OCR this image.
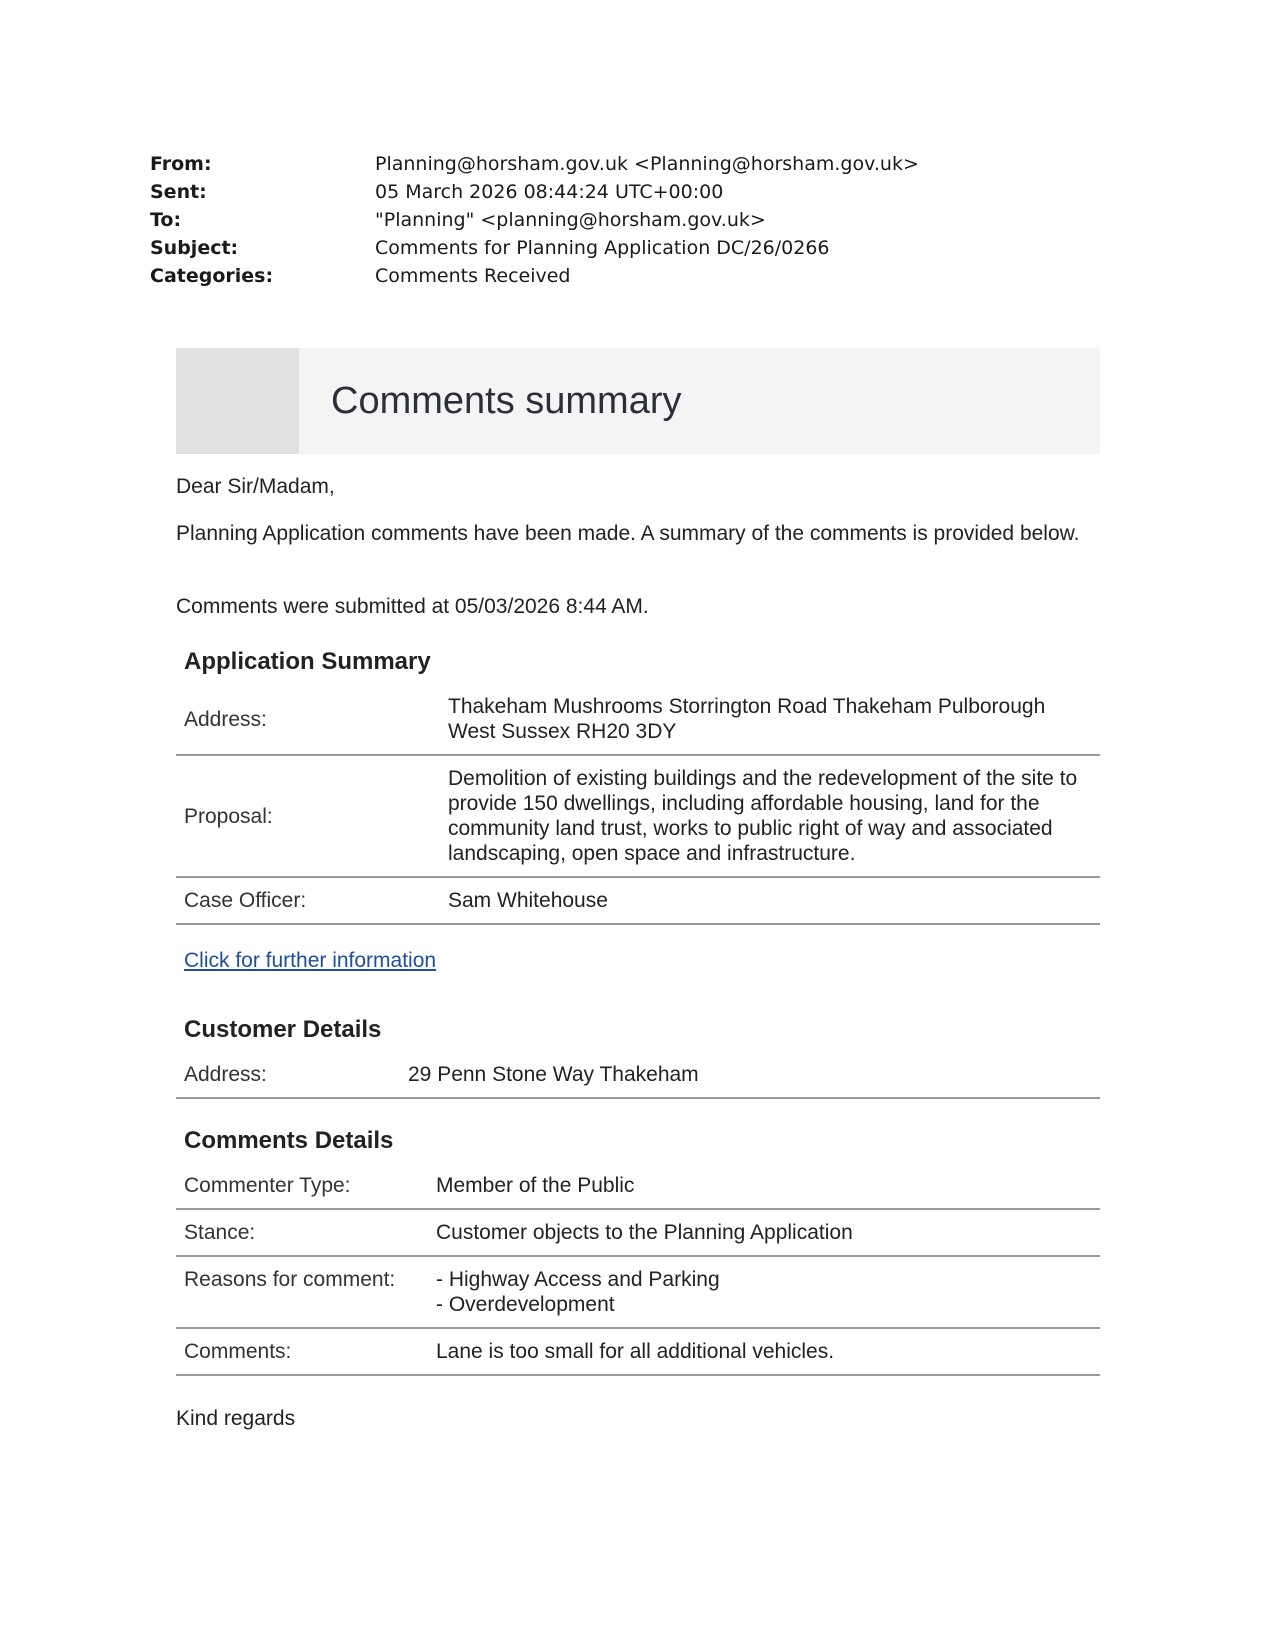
From:	Planning@horsham.gov.uk <Planning@horsham.gov.uk>
Sent:	05 March 2026 08:44:24 UTC+00:00
To:	"Planning" <planning@horsham.gov.uk>
Subject:	Comments for Planning Application DC/26/0266
Categories:	Comments Received
Comments summary
Dear Sir/Madam,
Planning Application comments have been made. A summary of the comments is provided below.
Comments were submitted at 05/03/2026 8:44 AM.
Application Summary
Address:	Thakeham Mushrooms Storrington Road Thakeham Pulborough West Sussex RH20 3DY
Proposal:	Demolition of existing buildings and the redevelopment of the site to provide 150 dwellings, including affordable housing, land for the community land trust, works to public right of way and associated landscaping, open space and infrastructure.
Case Officer:	Sam Whitehouse
Click for further information
Customer Details
Address:	29 Penn Stone Way Thakeham
Comments Details
Commenter Type:	Member of the Public
Stance:	Customer objects to the Planning Application
Reasons for comment:	- Highway Access and Parking
- Overdevelopment

Comments:	Lane is too small for all additional vehicles.
Kind regards
